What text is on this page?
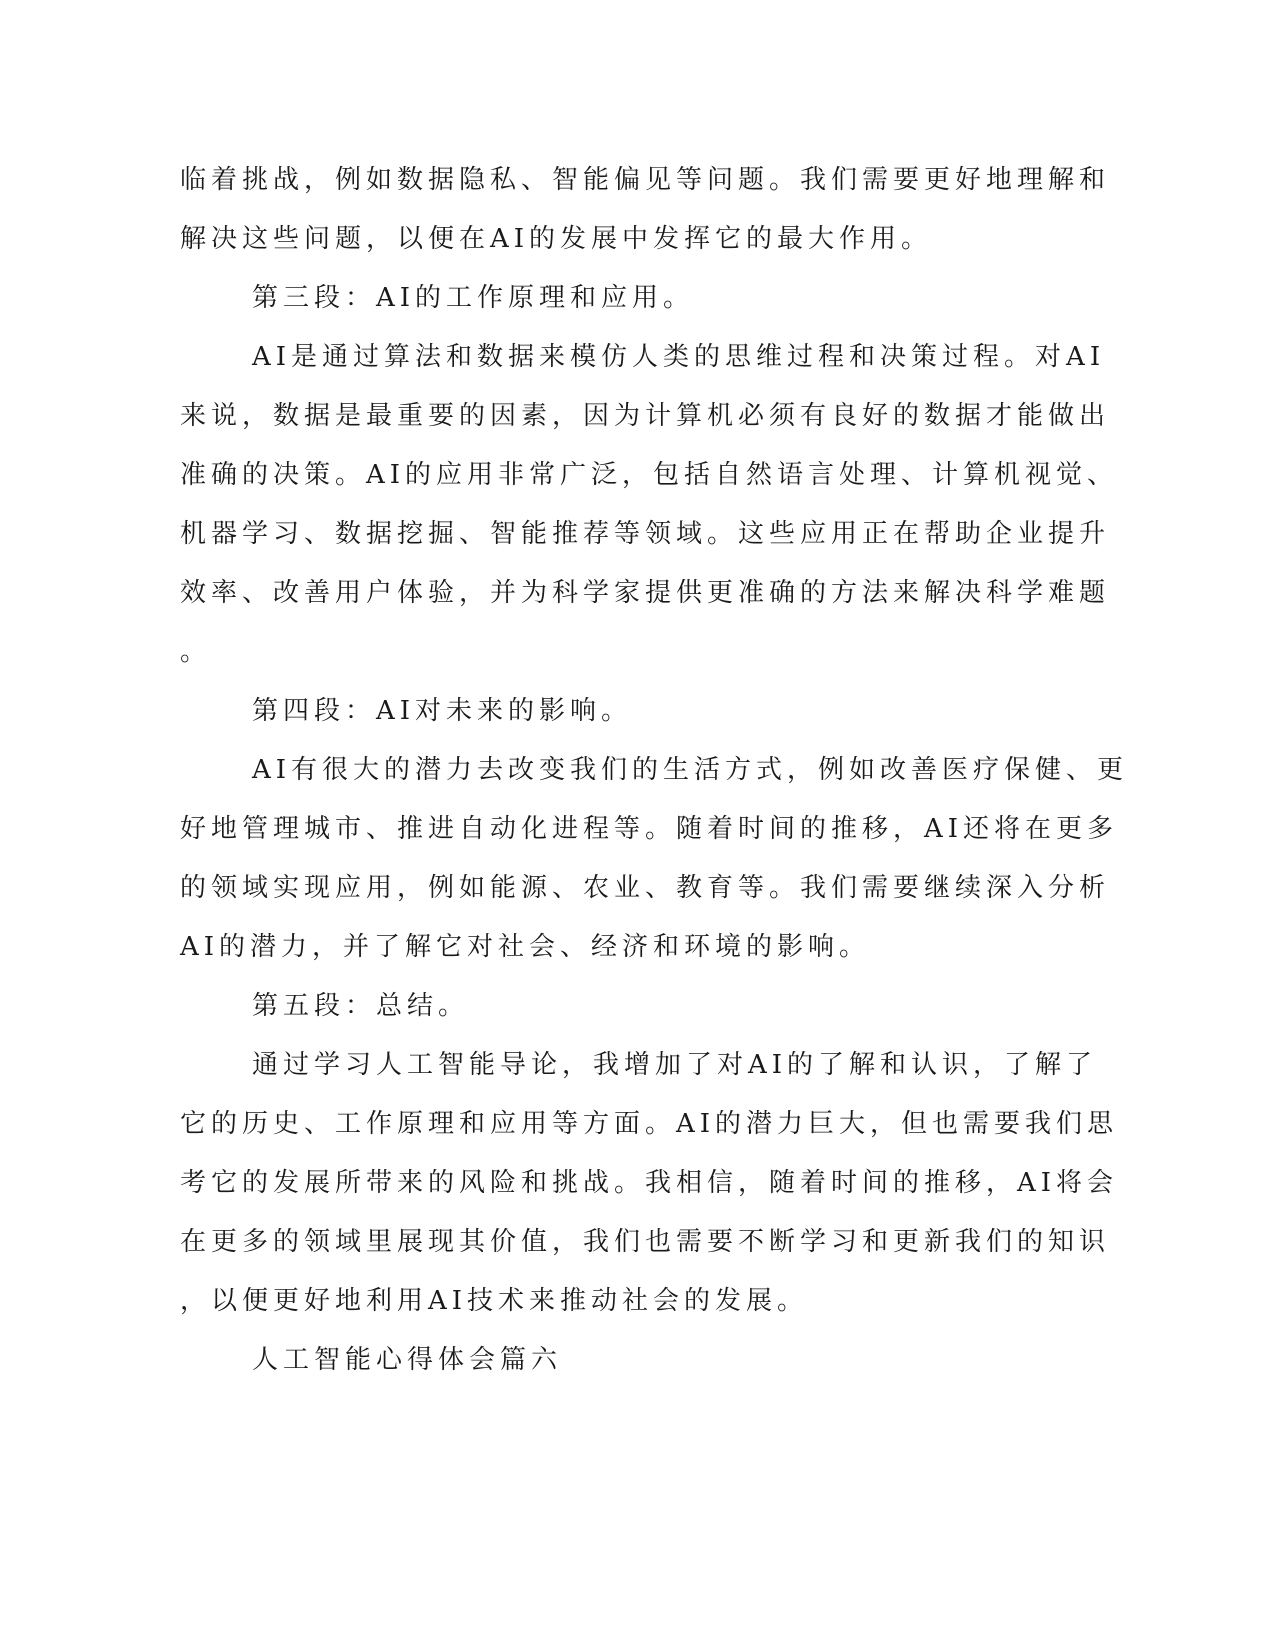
临着挑战，例如数据隐私、智能偏见等问题。我们需要更好地理解和
解决这些问题，以便在AI的发展中发挥它的最大作用。
第三段：AI的工作原理和应用。
AI是通过算法和数据来模仿人类的思维过程和决策过程。对AI
来说，数据是最重要的因素，因为计算机必须有良好的数据才能做出
准确的决策。AI的应用非常广泛，包括自然语言处理、计算机视觉、
机器学习、数据挖掘、智能推荐等领域。这些应用正在帮助企业提升
效率、改善用户体验，并为科学家提供更准确的方法来解决科学难题
。
第四段：AI对未来的影响。
AI有很大的潜力去改变我们的生活方式，例如改善医疗保健、更
好地管理城市、推进自动化进程等。随着时间的推移，AI还将在更多
的领域实现应用，例如能源、农业、教育等。我们需要继续深入分析
AI的潜力，并了解它对社会、经济和环境的影响。
第五段：总结。
通过学习人工智能导论，我增加了对AI的了解和认识，了解了
它的历史、工作原理和应用等方面。AI的潜力巨大，但也需要我们思
考它的发展所带来的风险和挑战。我相信，随着时间的推移，AI将会
在更多的领域里展现其价值，我们也需要不断学习和更新我们的知识
，以便更好地利用AI技术来推动社会的发展。
人工智能心得体会篇六
